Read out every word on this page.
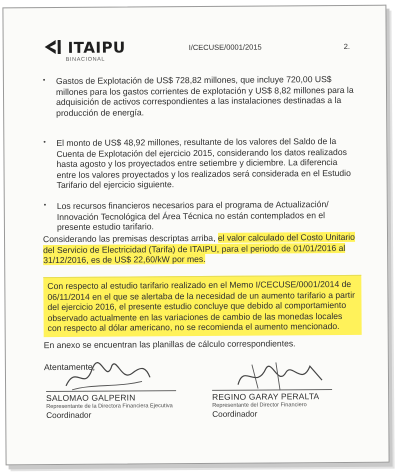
ITAIPU
BINACIONAL
I/CECUSE/0001/2015	2.
• Gastos de Explotación de US$ 728,82 millones, que incluye 720,00 US$ millones para los gastos corrientes de explotación y US$ 8,82 millones para la adquisición de activos correspondientes a las instalaciones destinadas a la producción de energía.

• El monto de US$ 48,92 millones, resultante de los valores del Saldo de la Cuenta de Explotación del ejercicio 2015, considerando los datos realizados hasta agosto y los proyectados entre setiembre y diciembre. La diferencia entre los valores proyectados y los realizados será considerada en el Estudio Tarifario del ejercicio siguiente.

• Los recursos financieros necesarios para el programa de Actualización/ Innovación Tecnológica del Área Técnica no están contemplados en el presente estudio tarifario.

Considerando las premisas descriptas arriba, el valor calculado del Costo Unitario del Servicio de Electricidad (Tarifa) de ITAIPU, para el periodo de 01/01/2016 al 31/12/2016, es de US$ 22,60/kW por mes.

Con respecto al estudio tarifario realizado en el Memo I/CECUSE/0001/2014 de 06/11/2014 en el que se alertaba de la necesidad de un aumento tarifario a partir del ejercicio 2016, el presente estudio concluye que debido al comportamiento observado actualmente en las variaciones de cambio de las monedas locales con respecto al dólar americano, no se recomienda el aumento mencionado.

En anexo se encuentran las planillas de cálculo correspondientes.

Atentamente,
SALOMAO GALPERIN
Representante de la Directora Financiera Ejecutiva
Coordinador
REGINO GARAY PERALTA
Representante del Director Financiero
Coordinador
